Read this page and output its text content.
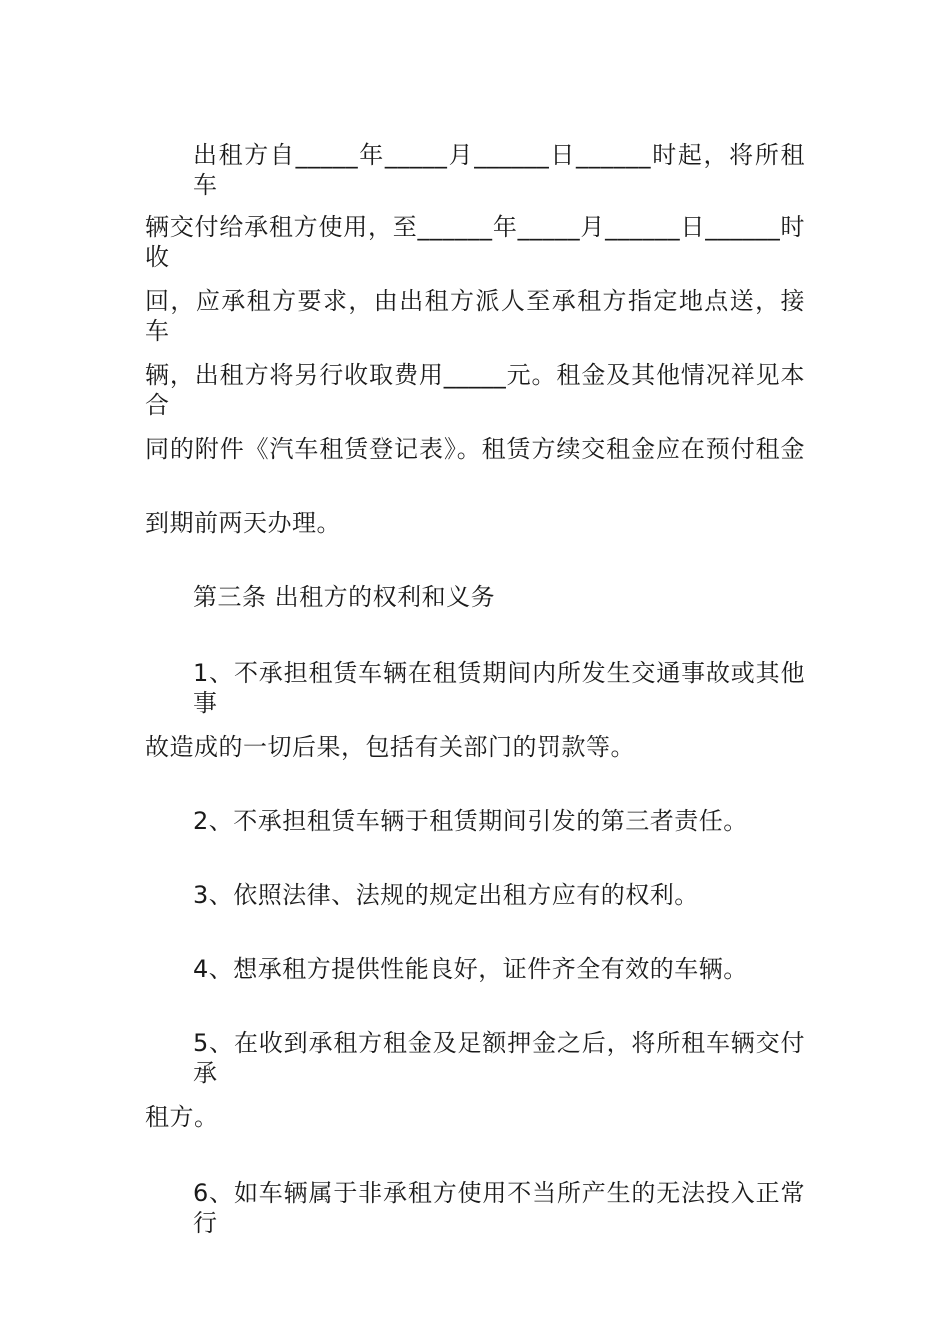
出租方自_____年_____月______日______时起，将所租车
辆交付给承租方使用，至______年_____月______日______时收
回，应承租方要求，由出租方派人至承租方指定地点送，接车
辆，出租方将另行收取费用_____元。租金及其他情况祥见本合
同的附件《汽车租赁登记表》。租赁方续交租金应在预付租金
到期前两天办理。
第三条 出租方的权利和义务
1、不承担租赁车辆在租赁期间内所发生交通事故或其他事
故造成的一切后果，包括有关部门的罚款等。
2、不承担租赁车辆于租赁期间引发的第三者责任。
3、依照法律、法规的规定出租方应有的权利。
4、想承租方提供性能良好，证件齐全有效的车辆。
5、在收到承租方租金及足额押金之后，将所租车辆交付承
租方。
6、如车辆属于非承租方使用不当所产生的无法投入正常行
